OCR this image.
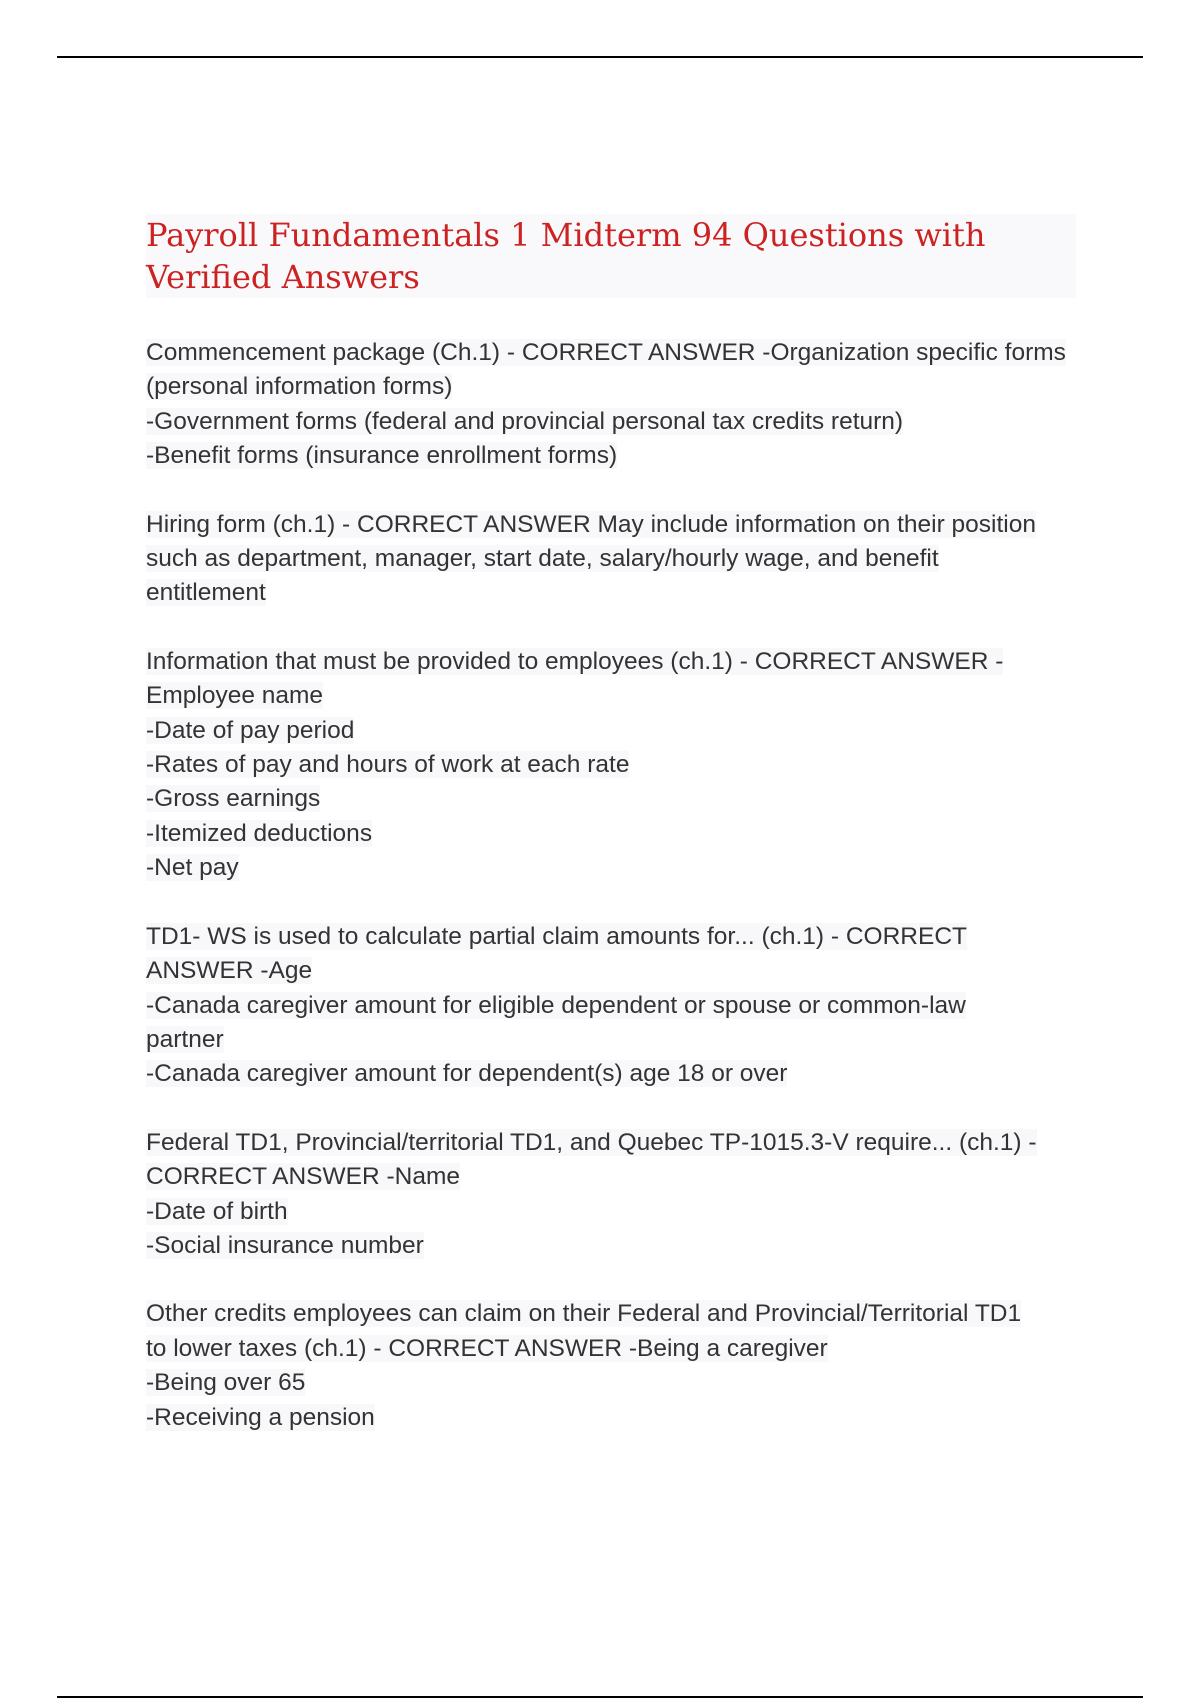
Payroll Fundamentals 1 Midterm 94 Questions with Verified Answers
Commencement package (Ch.1) - CORRECT ANSWER -Organization specific forms
(personal information forms)
-Government forms (federal and provincial personal tax credits return)
-Benefit forms (insurance enrollment forms)
Hiring form (ch.1) - CORRECT ANSWER May include information on their position
such as department, manager, start date, salary/hourly wage, and benefit
entitlement
Information that must be provided to employees (ch.1) - CORRECT ANSWER -
Employee name
-Date of pay period
-Rates of pay and hours of work at each rate
-Gross earnings
-Itemized deductions
-Net pay
TD1- WS is used to calculate partial claim amounts for... (ch.1) - CORRECT
ANSWER -Age
-Canada caregiver amount for eligible dependent or spouse or common-law
partner
-Canada caregiver amount for dependent(s) age 18 or over
Federal TD1, Provincial/territorial TD1, and Quebec TP-1015.3-V require... (ch.1) -
CORRECT ANSWER -Name
-Date of birth
-Social insurance number
Other credits employees can claim on their Federal and Provincial/Territorial TD1
to lower taxes (ch.1) - CORRECT ANSWER -Being a caregiver
-Being over 65
-Receiving a pension
